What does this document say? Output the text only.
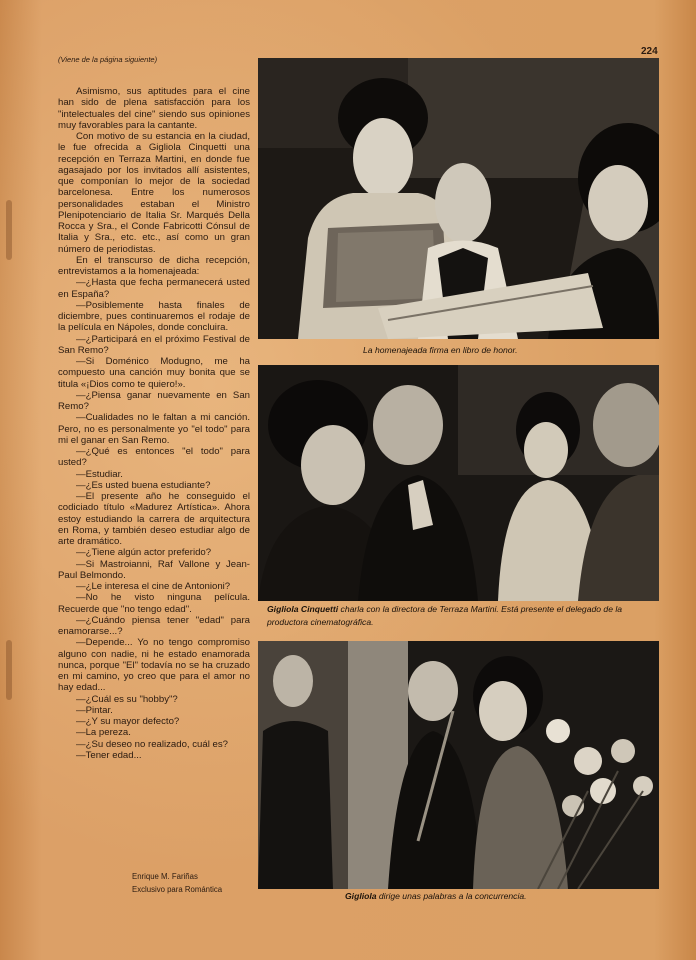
(Viene de la página siguiente)
224

Asimismo, sus aptitudes para el cine han sido de plena satisfacción para los "intelectuales del cine" siendo sus opiniones muy favorables para la cantante.

Con motivo de su estancia en la ciudad, le fue ofrecida a Gigliola Cinquetti una recepción en Terraza Martini, en donde fue agasajado por los invitados allí asistentes, que componían lo mejor de la sociedad barcelonesa. Entre los numerosos personalidades estaban el Ministro Plenipotenciario de Italia Sr. Marqués Della Rocca y Sra., el Conde Fabricotti Cónsul de Italia y Sra., etc. etc., así como un gran número de periodistas.

En el transcurso de dicha recepción, entrevistamos a la homenajeada:

—¿Hasta que fecha permanecerá usted en España?

—Posiblemente hasta finales de diciembre, pues continuaremos el rodaje de la película en Nápoles, donde concluira.

—¿Participará en el próximo Festival de San Remo?

—Si Doménico Modugno, me ha compuesto una canción muy bonita que se titula «¡Dios como te quiero!».

—¿Piensa ganar nuevamente en San Remo?

—Cualidades no le faltan a mi canción. Pero, no es personalmente yo "el todo" para mi el ganar en San Remo.

—¿Qué es entonces "el todo" para usted?

—Estudiar.

—¿Es usted buena estudiante?

—El presente año he conseguido el codiciado título «Madurez Artística». Ahora estoy estudiando la carrera de arquitectura en Roma, y también deseo estudiar algo de arte dramático.

—¿Tiene algún actor preferido?

—Si Mastroianni, Raf Vallone y Jean-Paul Belmondo.

—¿Le interesa el cine de Antonioni?

—No he visto ninguna película. Recuerde que "no tengo edad".

—¿Cuándo piensa tener "edad" para enamorarse...?

—Depende... Yo no tengo compromiso alguno con nadie, ni he estado enamorada nunca, porque "El" todavía no se ha cruzado en mi camino, yo creo que para el amor no hay edad...

—¿Cuál es su "hobby"?

—Pintar.

—¿Y su mayor defecto?

—La pereza.

—¿Su deseo no realizado, cuál es?

—Tener edad...

Enrique M. Fariñas
Exclusivo para Romántica
La homenajeada firma en libro de honor.
Gigliola Cinquetti charla con la directora de Terraza Martini. Está presente el delegado de la productora cinematográfica.
Gigliola dirige unas palabras a la concurrencia.
